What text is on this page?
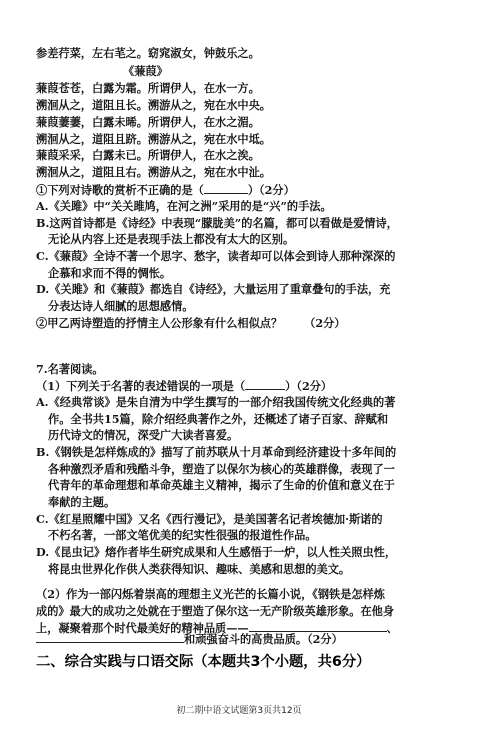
参差荇菜，左右芼之。窈窕淑女，钟鼓乐之。
《蒹葭》
蒹葭苍苍，白露为霜。所谓伊人，在水一方。
溯洄从之，道阻且长。溯游从之，宛在水中央。
蒹葭萋萋，白露未晞。所谓伊人，在水之湄。
溯洄从之，道阻且跻。溯游从之，宛在水中坻。
蒹葭采采，白露未已。所谓伊人，在水之涘。
溯洄从之，道阻且右。溯游从之，宛在水中沚。
①下列对诗歌的赏析不正确的是（	）（2分）
A.《关雎》中“关关雎鸠，在河之洲”采用的是“兴”的手法。
B.这两首诗都是《诗经》中表现“朦胧美”的名篇，都可以看做是爱情诗，
无论从内容上还是表现手法上都没有太大的区别。
C.《蒹葭》全诗不著一个思字、愁字，读者却可以体会到诗人那种深深的
企慕和求而不得的惆怅。
D.《关雎》和《蒹葭》都选自《诗经》，大量运用了重章叠句的手法，充
分表达诗人细腻的思想感情。
②甲乙两诗塑造的抒情主人公形象有什么相似点？ （2分）
7.名著阅读。
（1）下列关于名著的表述错误的一项是（	）（2分）
A.《经典常谈》是朱自清为中学生撰写的一部介绍我国传统文化经典的著
作。全书共15篇，除介绍经典著作之外，还概述了诸子百家、辞赋和
历代诗文的情况，深受广大读者喜爱。
B.《钢铁是怎样炼成的》描写了前苏联从十月革命到经济建设十多年间的
各种激烈矛盾和残酷斗争，塑造了以保尔为核心的英雄群像，表现了一
代青年的革命理想和革命英雄主义精神，揭示了生命的价值和意义在于
奉献的主题。
C.《红星照耀中国》又名《西行漫记》，是美国著名记者埃德加·斯诺的
不朽名著，一部文笔优美的纪实性很强的报道性作品。
D.《昆虫记》熔作者毕生研究成果和人生感悟于一炉，以人性关照虫性，
将昆虫世界化作供人类获得知识、趣味、美感和思想的美文。
（2）作为一部闪烁着崇高的理想主义光芒的长篇小说，《钢铁是怎样炼
成的》最大的成功之处就在于塑造了保尔这一无产阶级英雄形象。在他身
上，凝聚着那个时代最美好的精神品质——	、
和顽强奋斗的高贵品质。（2分）
二、综合实践与口语交际（本题共3个小题，共6分）
初二期中语文试题第3页共12页
